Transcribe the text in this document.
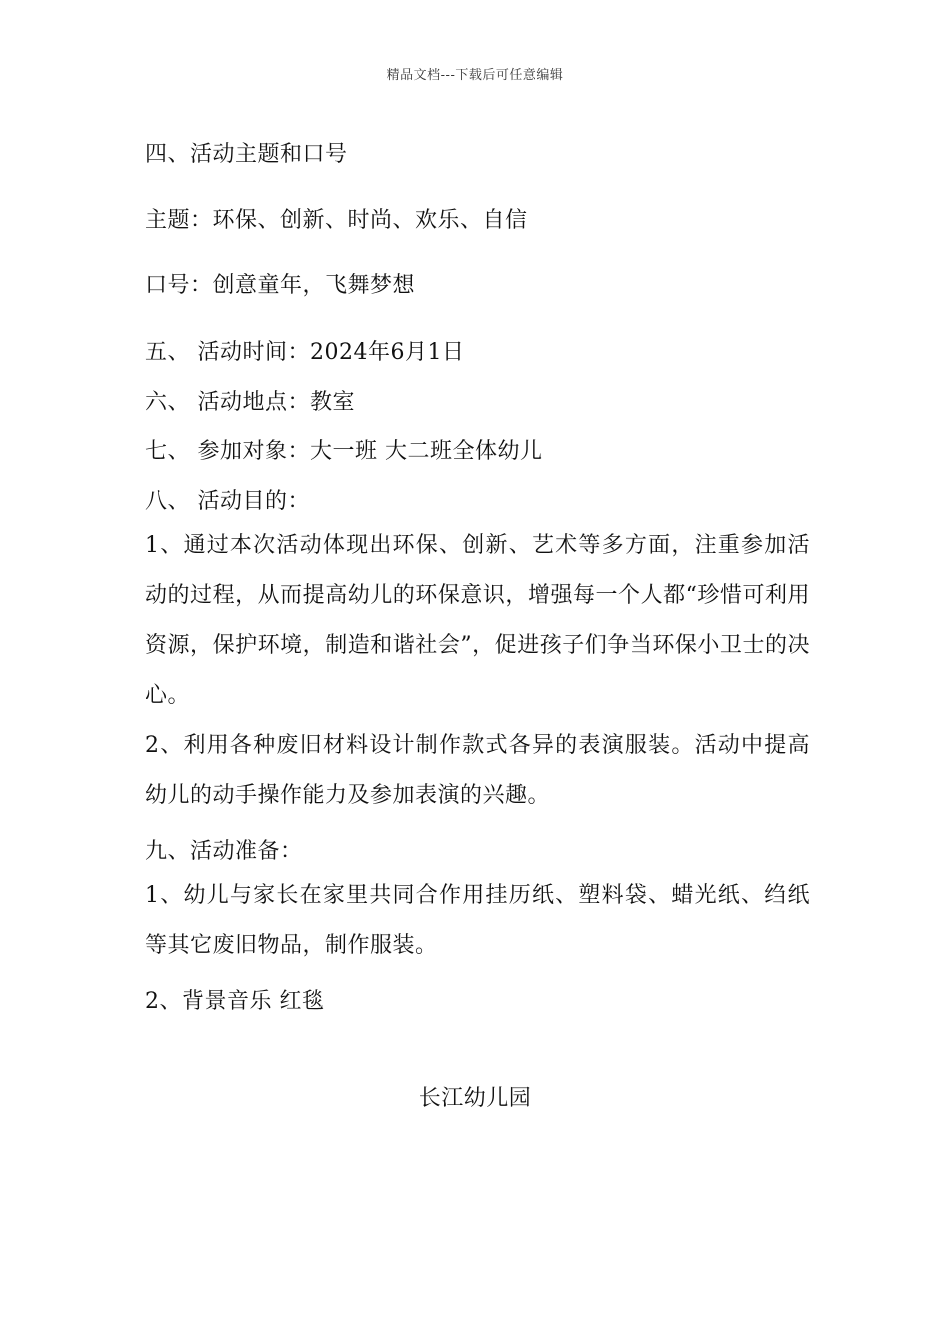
精品文档---下载后可任意编辑
四、活动主题和口号
主题：环保、创新、时尚、欢乐、自信
口号：创意童年，飞舞梦想
五、 活动时间：2024年6月1日
六、 活动地点：教室
七、 参加对象：大一班 大二班全体幼儿
八、 活动目的：
1、通过本次活动体现出环保、创新、艺术等多方面，注重参加活动的过程，从而提高幼儿的环保意识，增强每一个人都“珍惜可利用资源，保护环境，制造和谐社会”，促进孩子们争当环保小卫士的决心。
2、利用各种废旧材料设计制作款式各异的表演服装。活动中提高幼儿的动手操作能力及参加表演的兴趣。
九、活动准备：
1、幼儿与家长在家里共同合作用挂历纸、塑料袋、蜡光纸、绉纸等其它废旧物品，制作服装。
2、背景音乐 红毯
长江幼儿园
